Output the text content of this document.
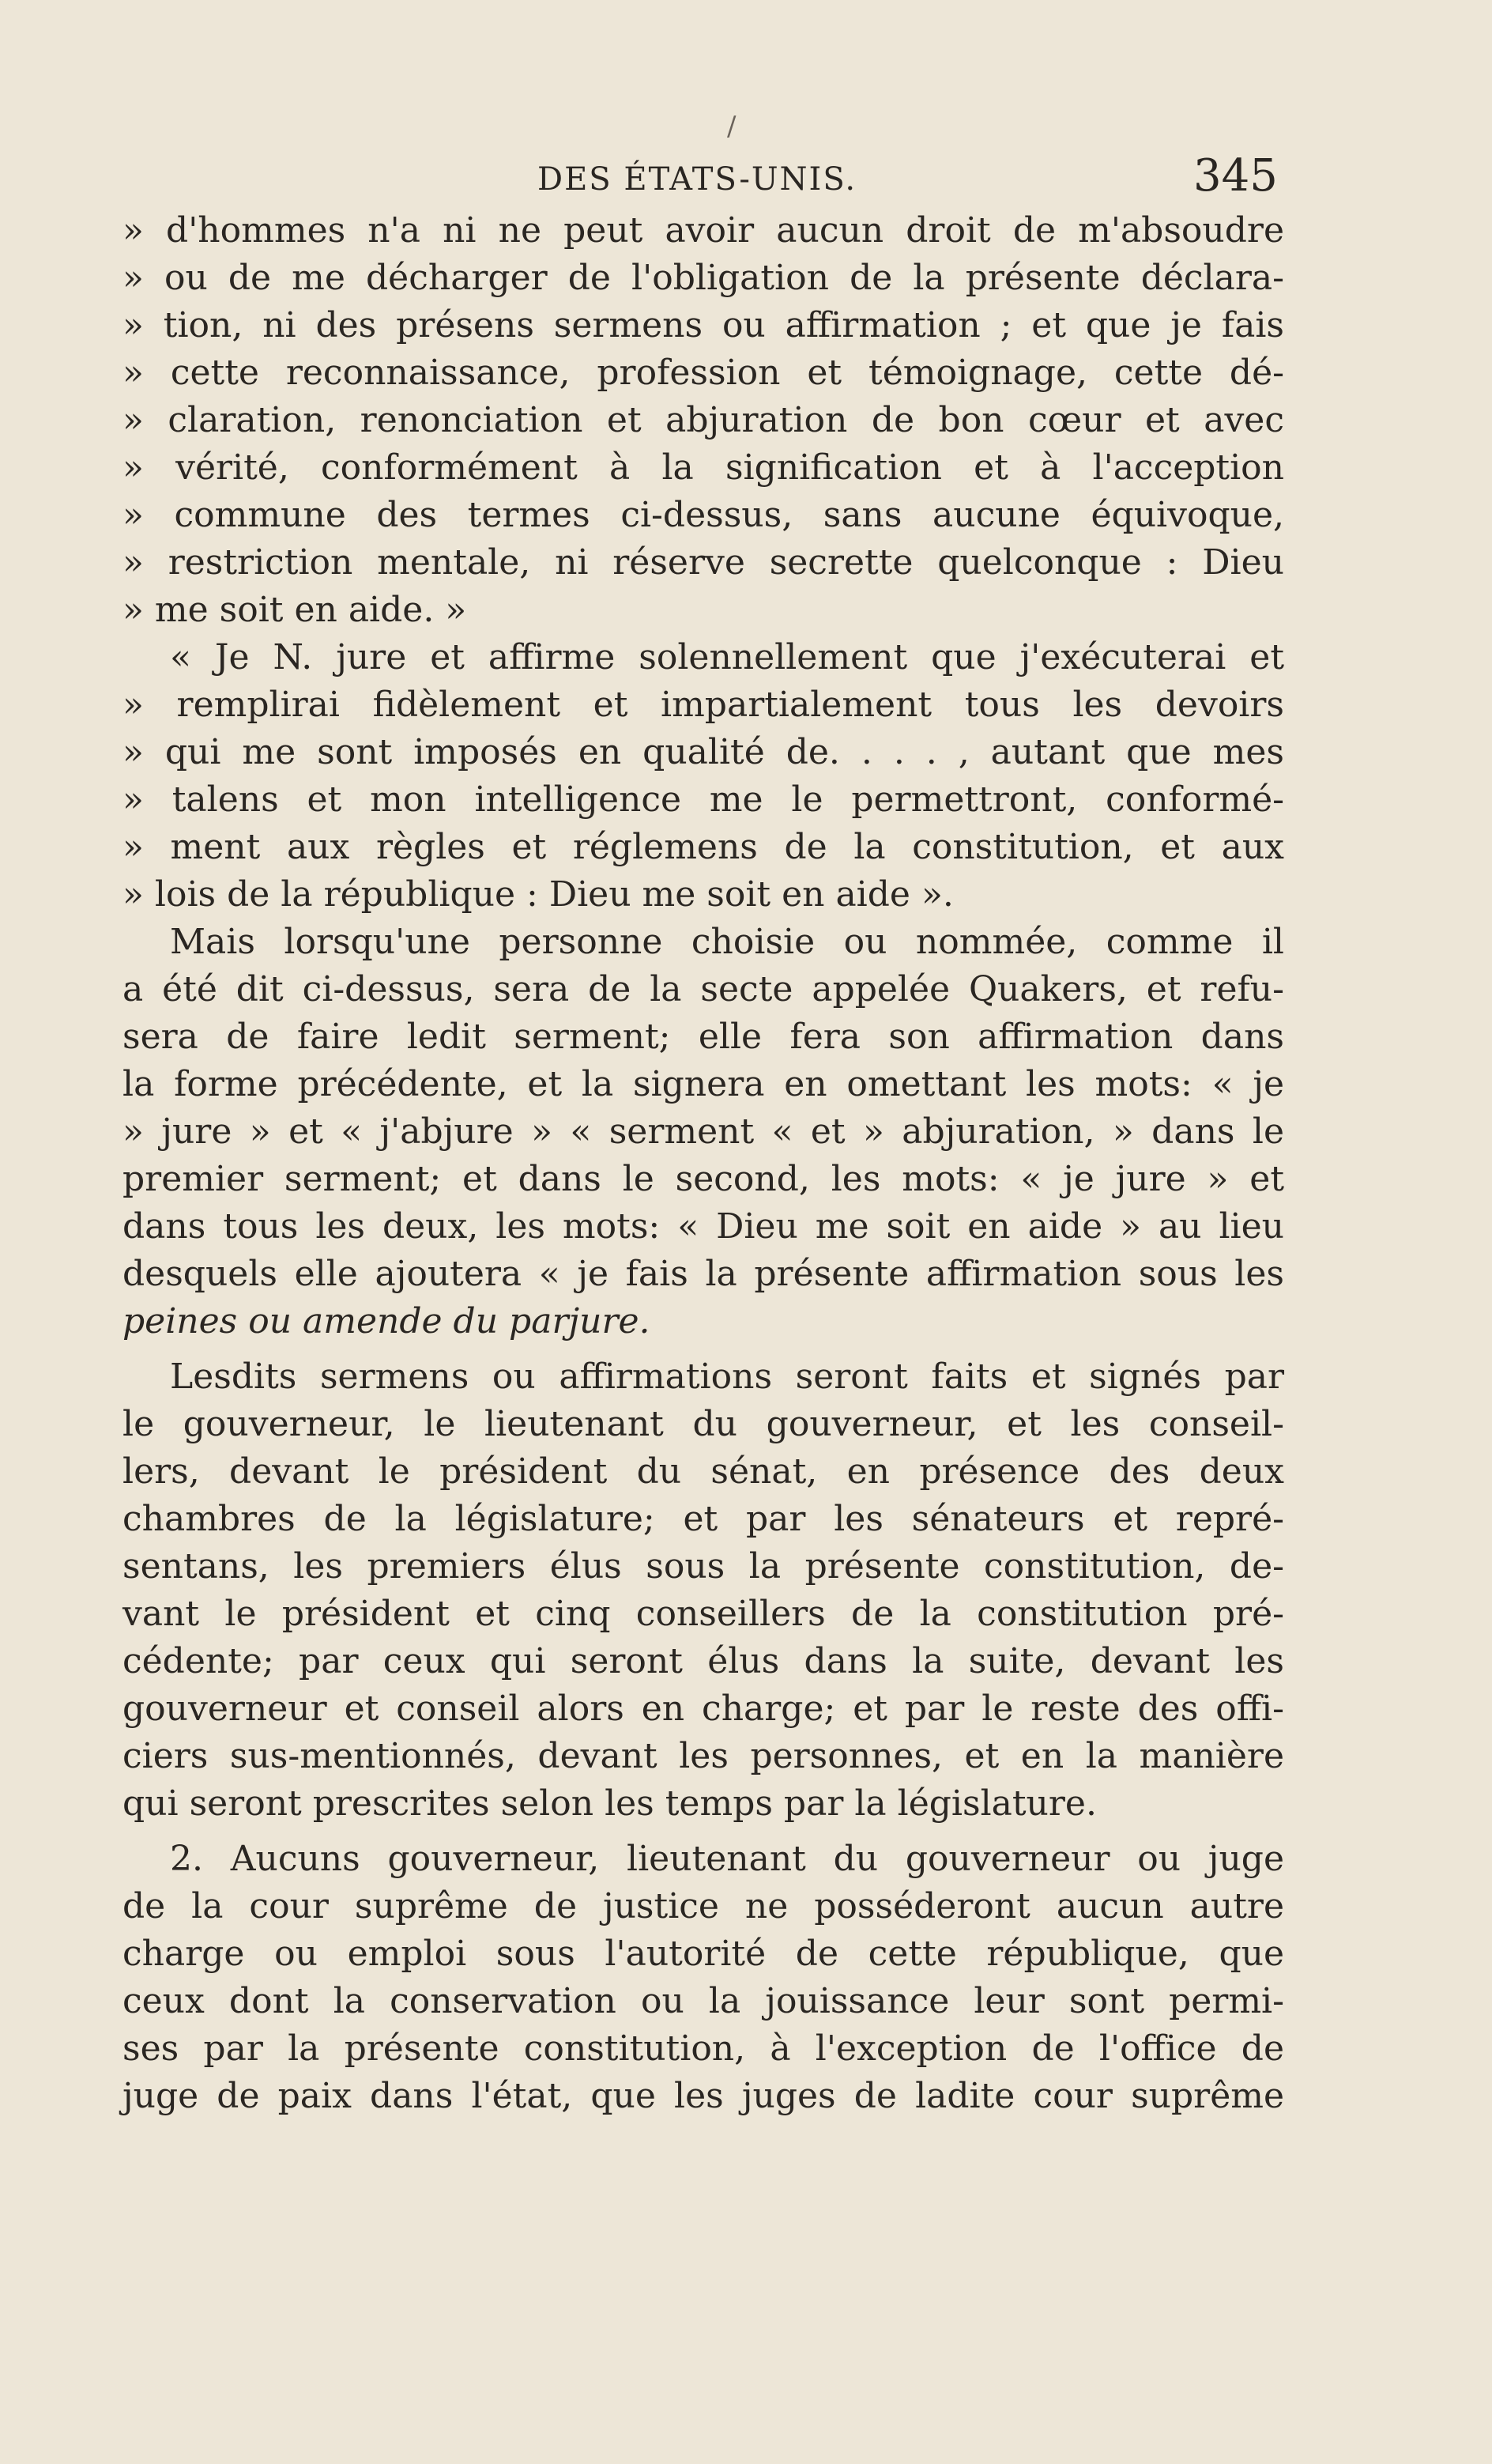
/
DES ÉTATS-UNIS.	345
» d'hommes n'a ni ne peut avoir aucun droit de m'absoudre
» ou de me décharger de l'obligation de la présente déclara-
» tion, ni des présens sermens ou affirmation ; et que je fais
» cette reconnaissance, profession et témoignage, cette dé-
» claration, renonciation et abjuration de bon cœur et avec
» vérité, conformément à la signification et à l'acception
» commune des termes ci-dessus, sans aucune équivoque,
» restriction mentale, ni réserve secrette quelconque : Dieu
» me soit en aide. »
« Je N. jure et affirme solennellement que j'exécuterai et
» remplirai fidèlement et impartialement tous les devoirs
» qui me sont imposés en qualité de. . . . , autant que mes
» talens et mon intelligence me le permettront, conformé-
» ment aux règles et réglemens de la constitution, et aux
» lois de la république : Dieu me soit en aide ».
Mais lorsqu'une personne choisie ou nommée, comme il
a été dit ci-dessus, sera de la secte appelée Quakers, et refu-
sera de faire ledit serment; elle fera son affirmation dans
la forme précédente, et la signera en omettant les mots: « je
» jure » et « j'abjure » « serment « et » abjuration, » dans le
premier serment; et dans le second, les mots: « je jure » et
dans tous les deux, les mots: « Dieu me soit en aide » au lieu
desquels elle ajoutera « je fais la présente affirmation sous les
peines ou amende du parjure.
Lesdits sermens ou affirmations seront faits et signés par
le gouverneur, le lieutenant du gouverneur, et les conseil-
lers, devant le président du sénat, en présence des deux
chambres de la législature; et par les sénateurs et repré-
sentans, les premiers élus sous la présente constitution, de-
vant le président et cinq conseillers de la constitution pré-
cédente; par ceux qui seront élus dans la suite, devant les
gouverneur et conseil alors en charge; et par le reste des offi-
ciers sus-mentionnés, devant les personnes, et en la manière
qui seront prescrites selon les temps par la législature.
2. Aucuns gouverneur, lieutenant du gouverneur ou juge
de la cour suprême de justice ne posséderont aucun autre
charge ou emploi sous l'autorité de cette république, que
ceux dont la conservation ou la jouissance leur sont permi-
ses par la présente constitution, à l'exception de l'office de
juge de paix dans l'état, que les juges de ladite cour suprême
